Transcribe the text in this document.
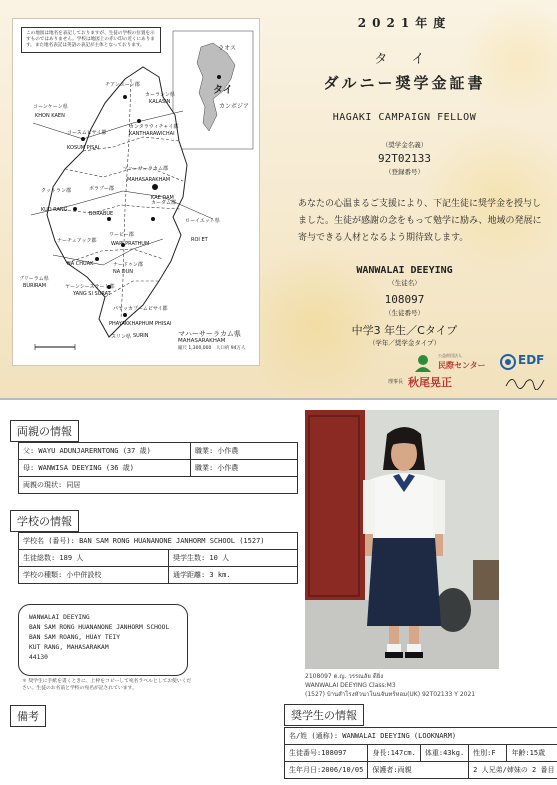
この地図は地名を表記しておりますが、生徒の学校の位置を示すものではありません。学校は地図上の赤い印の近くにあります。また地名表記は英語の表記が主体となっております。	ラオス
タイ
カンボジア
カーラシン県
KALASIN
コーンケーン県
KHON KAEN
コースムピサイ郡
KOSUM PISAI
カンタラウィチャイ郡
KANTHARAWICHAI
チアンユーン郡
マハーサーラカム郡
MAHASARAKHAM
ボラブー郡
BORABUE
クットラン郡
KUD RANG
カーダム郡
KAE DAM
ローイエット県
ROI ET
ナーチュアック郡
NA CHUAK
ワーピー郡
WAPI PRATHUM
ナードゥン郡
NA DUN
ブリーラム県
BURIRAM	ヤーンシースラート郡
YANG SI SURAT
パヤッカプームピサイ郡
PHAYAKKHAPHUM PHISAI
スリン県 SURIN	マハーサーラカム県
MAHASARAKHAM
縮尺 1,300,000　人口約 94万人
2021年度
タ イ
ダルニー奨学金証書
HAGAKI CAMPAIGN FELLOW
（奨学金名義）
92T02133
（登録番号）
あなたの心温まるご支援により、下記生徒に奨学金を授与しました。生徒が感謝の念をもって勉学に励み、地域の発展に寄与できる人材となるよう期待致します。
WANWALAI DEEYING
（生徒名）
108097
（生徒番号）
中学3 年生／Cタイプ
（学年／奨学金タイプ）
公益財団法人
民際センター
理事長 秋尾晃正
EDF
両親の情報
父: WAYU ADUNJARERNTONG (37 歳)	職業: 小作農
母: WANWISA DEEYING (36 歳)	職業: 小作農
両親の現状: 同居	
学校の情報
学校名 (番号): BAN SAM RONG HUANANONE JANHORM SCHOOL (1527)	
生徒総数: 189 人	奨学生数: 10 人
学校の種類: 小中併設校	通学距離: 3 km.
WANWALAI DEEYING
BAN SAM RONG HUANANONE JANHORM SCHOOL
BAN SAM ROANG, HUAY TEIY
KUT RANG, MAHASARAKAM
44130
＊ 奨学生に手紙を書くときに、上枠をコピーして宛名ラベルとしてお使いください。生徒のお名前と学校の宛名が記されています。
備考
2108097 ด.ญ. วรรณลัย ดียิ่ง
WANWALAI DEEYING Class:M3
(1527) บ้านสำโรงหัวนาโนนจันทร์หอม(UK) 92T02133 Y 2021
奨学生の情報
名/姓 (通称): WANWALAI DEEYING (LOOKNARM)				
生徒番号:108097	身長:147cm.	体重:43kg.	性別:F	年齢:15歳
生年月日:2006/10/05	保護者:両親		2 人兄弟/姉妹の 2 番目	
